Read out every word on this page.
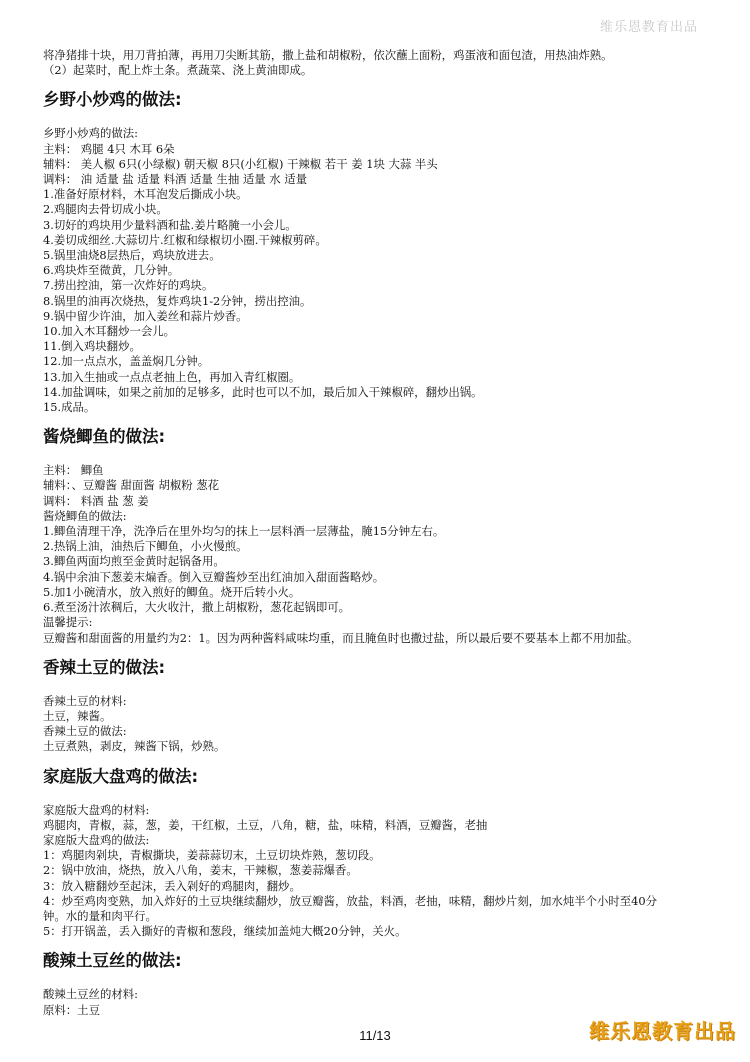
维乐恩教育出品
将净猪排十块，用刀背拍薄，再用刀尖断其筋，撒上盐和胡椒粉，依次蘸上面粉，鸡蛋液和面包渣，用热油炸熟。
（2）起菜时，配上炸土条。煮蔬菜、浇上黄油即成。
乡野小炒鸡的做法:
乡野小炒鸡的做法:
主料： 鸡腿 4只 木耳 6朵
辅料： 美人椒 6只(小绿椒) 朝天椒 8只(小红椒) 干辣椒 若干 姜 1块 大蒜 半头
调料： 油 适量 盐 适量 料酒 适量 生抽 适量 水 适量
1.准备好原材料，木耳泡发后撕成小块。
2.鸡腿肉去骨切成小块。
3.切好的鸡块用少量料酒和盐.姜片略腌一小会儿。
4.姜切成细丝.大蒜切片.红椒和绿椒切小圈.干辣椒剪碎。
5.锅里油烧8层热后，鸡块放进去。
6.鸡块炸至微黄，几分钟。
7.捞出控油，第一次炸好的鸡块。
8.锅里的油再次烧热，复炸鸡块1-2分钟，捞出控油。
9.锅中留少许油，加入姜丝和蒜片炒香。
10.加入木耳翻炒一会儿。
11.倒入鸡块翻炒。
12.加一点点水，盖盖焖几分钟。
13.加入生抽或一点点老抽上色，再加入青红椒圈。
14.加盐调味，如果之前加的足够多，此时也可以不加，最后加入干辣椒碎，翻炒出锅。
15.成品。
酱烧鲫鱼的做法:
主料： 鲫鱼
辅料：、豆瓣酱 甜面酱 胡椒粉 葱花
调料： 料酒 盐 葱 姜
酱烧鲫鱼的做法:
1.鲫鱼清理干净，洗净后在里外均匀的抹上一层料酒一层薄盐，腌15分钟左右。
2.热锅上油，油热后下鲫鱼，小火慢煎。
3.鲫鱼两面均煎至金黄时起锅备用。
4.锅中余油下葱姜末煸香。倒入豆瓣酱炒至出红油加入甜面酱略炒。
5.加1小碗清水，放入煎好的鲫鱼。烧开后转小火。
6.煮至汤汁浓稠后，大火收汁，撒上胡椒粉，葱花起锅即可。
温馨提示:
豆瓣酱和甜面酱的用量约为2：1。因为两种酱料咸味均重，而且腌鱼时也撒过盐，所以最后要不要基本上都不用加盐。
香辣土豆的做法:
香辣土豆的材料:
土豆，辣酱。
香辣土豆的做法:
土豆煮熟，剥皮，辣酱下锅，炒熟。
家庭版大盘鸡的做法:
家庭版大盘鸡的材料:
鸡腿肉，青椒，蒜，葱，姜，干红椒，土豆，八角，糖，盐，味精，料酒，豆瓣酱，老抽
家庭版大盘鸡的做法:
1：鸡腿肉剁块，青椒撕块，姜蒜蒜切末，土豆切块炸熟，葱切段。
2：锅中放油，烧热，放入八角，姜末，干辣椒，葱姜蒜爆香。
3：放入糖翻炒至起沫，丢入剁好的鸡腿肉，翻炒。
4：炒至鸡肉变熟，加入炸好的土豆块继续翻炒，放豆瓣酱，放盐，料酒，老抽，味精，翻炒片刻，加水炖半个小时至40分
钟。水的量和肉平行。
5：打开锅盖，丢入撕好的青椒和葱段，继续加盖炖大概20分钟，关火。
酸辣土豆丝的做法:
酸辣土豆丝的材料:
原料：土豆
11/13	维乐恩教育出品
